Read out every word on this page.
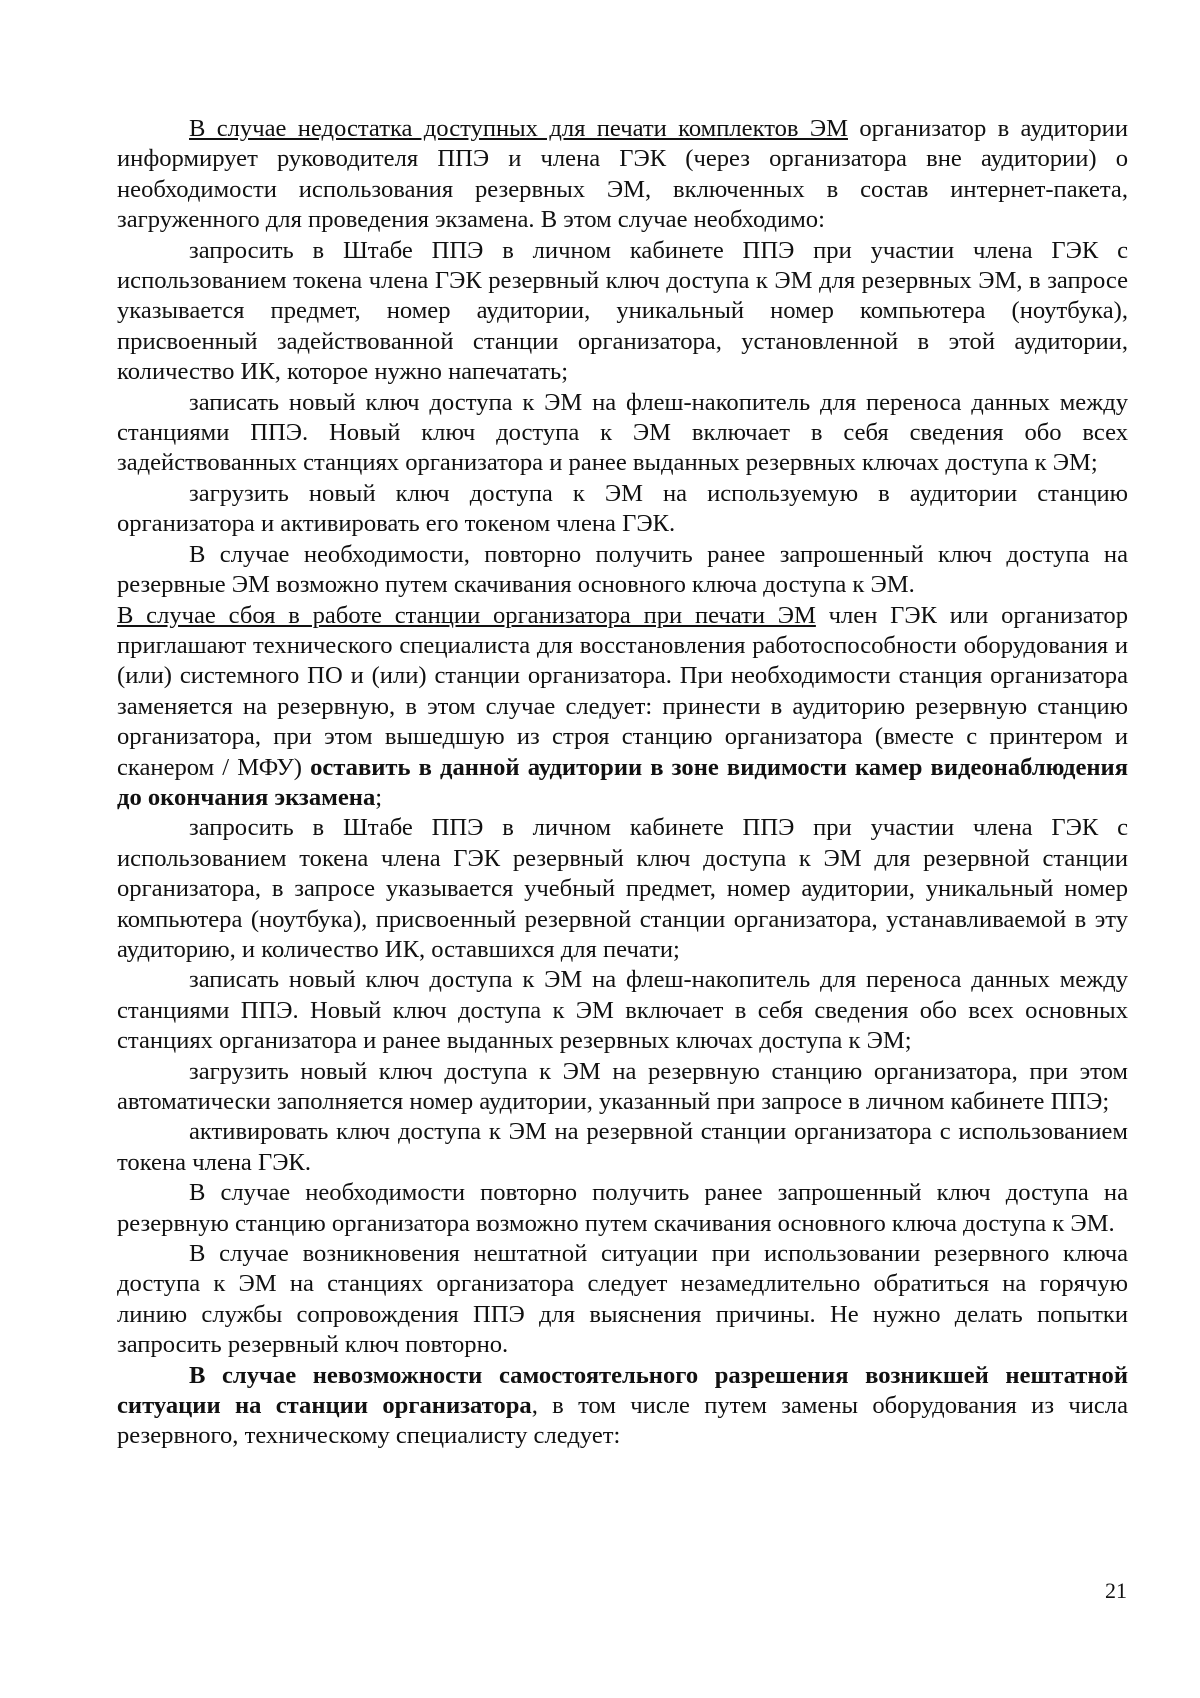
В случае недостатка доступных для печати комплектов ЭМ организатор в аудитории информирует руководителя ППЭ и члена ГЭК (через организатора вне аудитории) о необходимости использования резервных ЭМ, включенных в состав интернет-пакета, загруженного для проведения экзамена. В этом случае необходимо:

запросить в Штабе ППЭ в личном кабинете ППЭ при участии члена ГЭК с использованием токена члена ГЭК резервный ключ доступа к ЭМ для резервных ЭМ, в запросе указывается предмет, номер аудитории, уникальный номер компьютера (ноутбука), присвоенный задействованной станции организатора, установленной в этой аудитории, количество ИК, которое нужно напечатать;

записать новый ключ доступа к ЭМ на флеш-накопитель для переноса данных между станциями ППЭ. Новый ключ доступа к ЭМ включает в себя сведения обо всех задействованных станциях организатора и ранее выданных резервных ключах доступа к ЭМ;

загрузить новый ключ доступа к ЭМ на используемую в аудитории станцию организатора и активировать его токеном члена ГЭК.

В случае необходимости, повторно получить ранее запрошенный ключ доступа на резервные ЭМ возможно путем скачивания основного ключа доступа к ЭМ.

В случае сбоя в работе станции организатора при печати ЭМ член ГЭК или организатор приглашают технического специалиста для восстановления работоспособности оборудования и (или) системного ПО и (или) станции организатора. При необходимости станция организатора заменяется на резервную, в этом случае следует: принести в аудиторию резервную станцию организатора, при этом вышедшую из строя станцию организатора (вместе с принтером и сканером / МФУ) оставить в данной аудитории в зоне видимости камер видеонаблюдения до окончания экзамена;

запросить в Штабе ППЭ в личном кабинете ППЭ при участии члена ГЭК с использованием токена члена ГЭК резервный ключ доступа к ЭМ для резервной станции организатора, в запросе указывается учебный предмет, номер аудитории, уникальный номер компьютера (ноутбука), присвоенный резервной станции организатора, устанавливаемой в эту аудиторию, и количество ИК, оставшихся для печати;

записать новый ключ доступа к ЭМ на флеш-накопитель для переноса данных между станциями ППЭ. Новый ключ доступа к ЭМ включает в себя сведения обо всех основных станциях организатора и ранее выданных резервных ключах доступа к ЭМ;

загрузить новый ключ доступа к ЭМ на резервную станцию организатора, при этом автоматически заполняется номер аудитории, указанный при запросе в личном кабинете ППЭ;

активировать ключ доступа к ЭМ на резервной станции организатора с использованием токена члена ГЭК.

В случае необходимости повторно получить ранее запрошенный ключ доступа на резервную станцию организатора возможно путем скачивания основного ключа доступа к ЭМ.

В случае возникновения нештатной ситуации при использовании резервного ключа доступа к ЭМ на станциях организатора следует незамедлительно обратиться на горячую линию службы сопровождения ППЭ для выяснения причины. Не нужно делать попытки запросить резервный ключ повторно.

В случае невозможности самостоятельного разрешения возникшей нештатной ситуации на станции организатора, в том числе путем замены оборудования из числа резервного, техническому специалисту следует:

21
